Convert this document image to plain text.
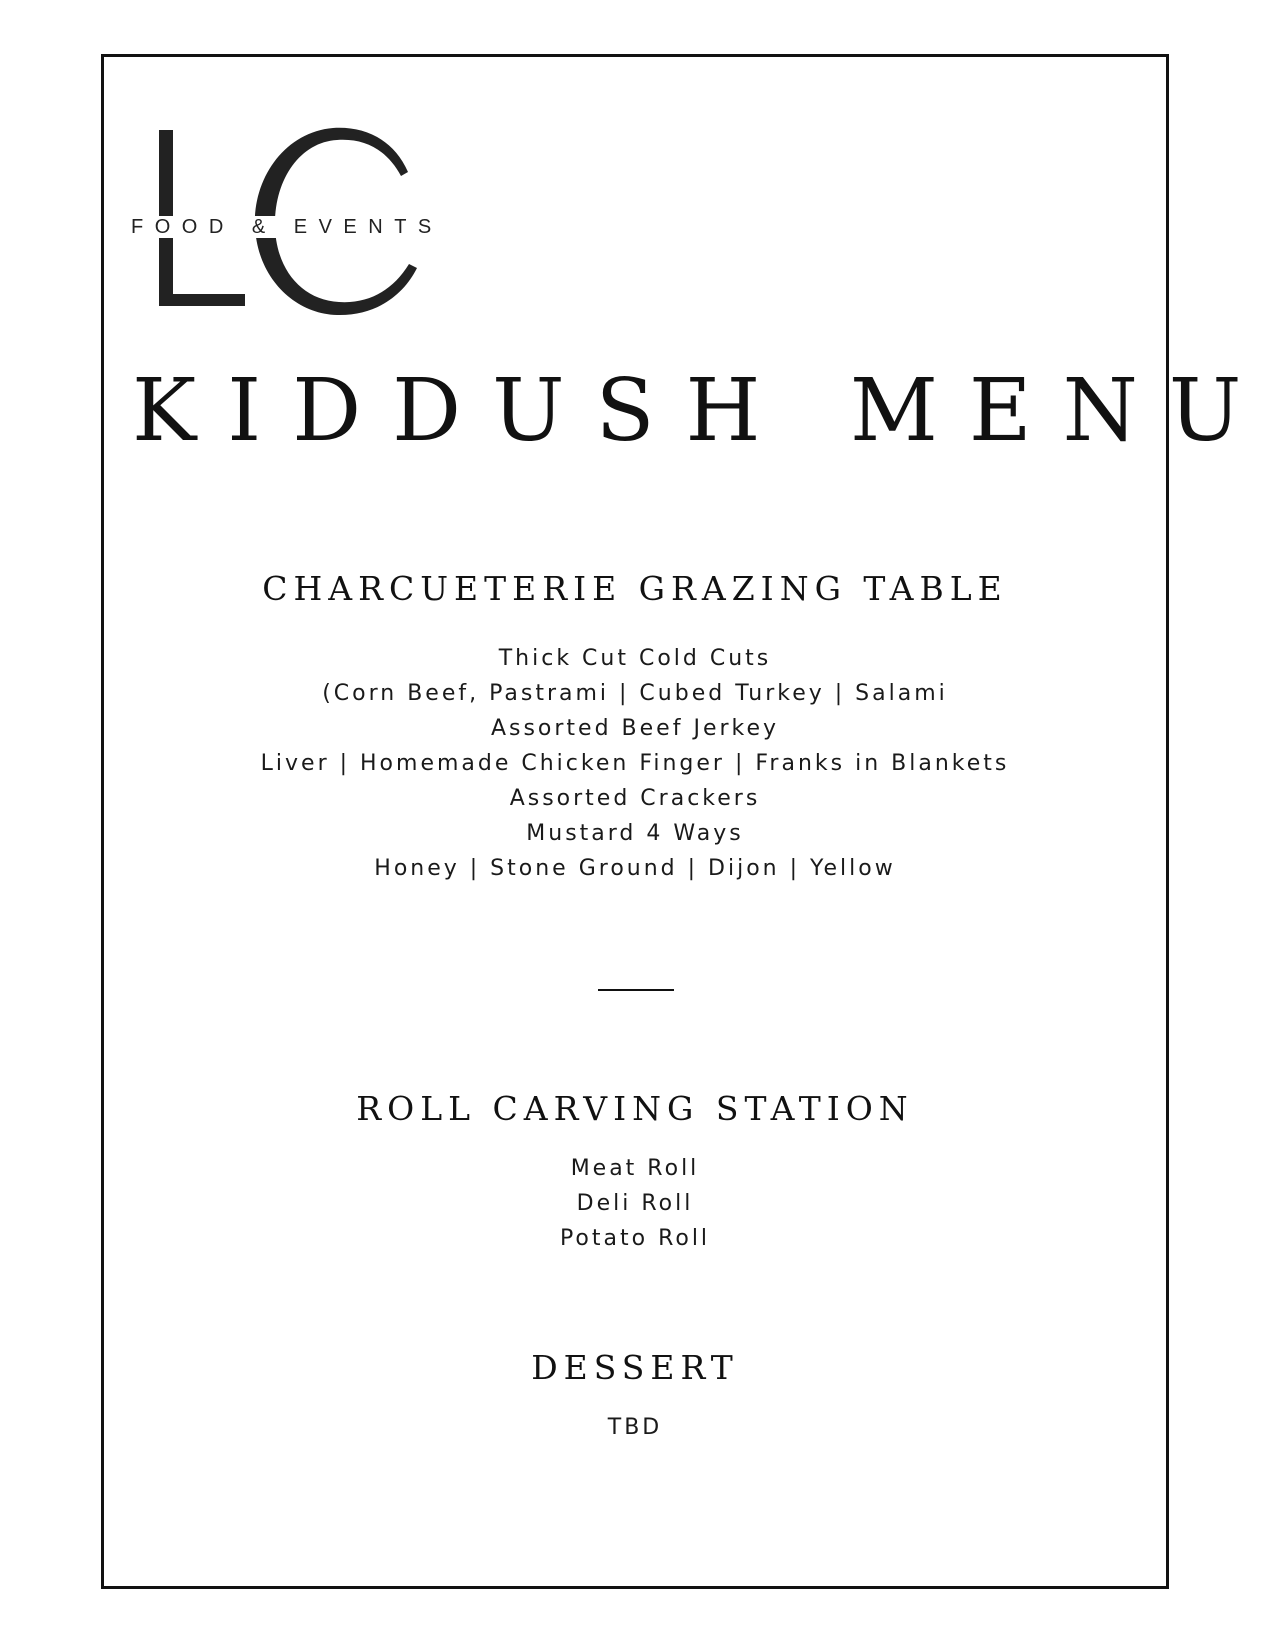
FOOD & EVENTS
KIDDUSH MENU
CHARCUETERIE GRAZING TABLE
Thick Cut Cold Cuts
(Corn Beef, Pastrami | Cubed Turkey | Salami
Assorted Beef Jerkey
Liver | Homemade Chicken Finger | Franks in Blankets
Assorted Crackers
Mustard 4 Ways
Honey | Stone Ground | Dijon | Yellow
ROLL CARVING STATION
Meat Roll
Deli Roll
Potato Roll
DESSERT
TBD
